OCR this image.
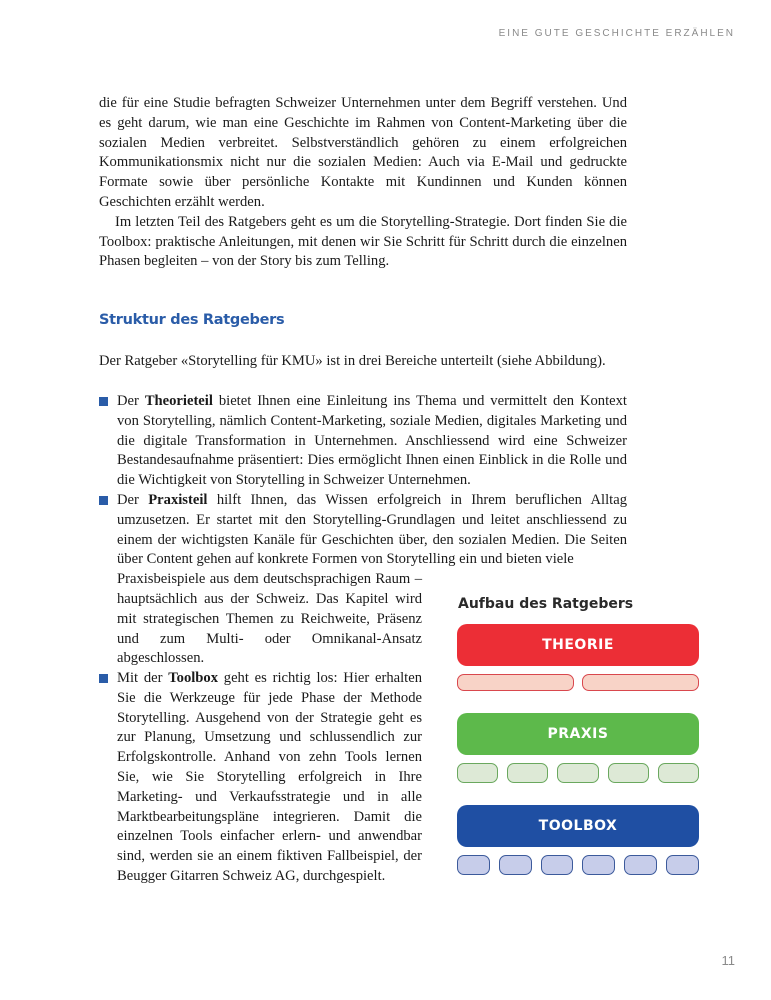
EINE GUTE GESCHICHTE ERZÄHLEN

die für eine Studie befragten Schweizer Unternehmen unter dem Begriff verstehen. Und es geht darum, wie man eine Geschichte im Rahmen von Content-Marketing über die sozialen Medien verbreitet. Selbstverständlich gehören zu einem erfolgreichen Kommunikationsmix nicht nur die sozialen Medien: Auch via E-Mail und gedruckte Formate sowie über persönliche Kontakte mit Kundinnen und Kunden können Geschichten erzählt werden.

Im letzten Teil des Ratgebers geht es um die Storytelling-Strategie. Dort finden Sie die Toolbox: praktische Anleitungen, mit denen wir Sie Schritt für Schritt durch die einzelnen Phasen begleiten – von der Story bis zum Telling.

Struktur des Ratgebers
Der Ratgeber «Storytelling für KMU» ist in drei Bereiche unterteilt (siehe Abbildung).
Der Theorieteil bietet Ihnen eine Einleitung ins Thema und vermittelt den Kontext von Storytelling, nämlich Content-Marketing, soziale Medien, digitales Marketing und die digitale Transformation in Unternehmen. Anschliessend wird eine Schweizer Bestandesaufnahme präsentiert: Dies ermöglicht Ihnen einen Einblick in die Rolle und die Wichtigkeit von Storytelling in Schweizer Unternehmen.
Der Praxisteil hilft Ihnen, das Wissen erfolgreich in Ihrem beruflichen Alltag umzusetzen. Er startet mit den Storytelling-Grundlagen und leitet anschliessend zu einem der wichtigsten Kanäle für Geschichten über, den sozialen Medien. Die Seiten über Content gehen auf konkrete Formen von Storytelling ein und bieten viele
Praxisbeispiele aus dem deutschsprachigen Raum – hauptsächlich aus der Schweiz. Das Kapitel wird mit strategischen Themen zu Reichweite, Präsenz und zum Multi- oder Omnikanal-Ansatz abgeschlossen.
Mit der Toolbox geht es richtig los: Hier erhalten Sie die Werkzeuge für jede Phase der Methode Storytelling. Ausgehend von der Strategie geht es zur Planung, Umsetzung und schlussendlich zur Erfolgskontrolle. Anhand von zehn Tools lernen Sie, wie Sie Storytelling erfolgreich in Ihre Marketing- und Verkaufsstrategie und in alle Marktbearbeitungspläne integrieren. Damit die einzelnen Tools einfacher erlern- und anwendbar sind, werden sie an einem fiktiven Fallbeispiel, der Beugger Gitarren Schweiz AG, durchgespielt.
Aufbau des Ratgebers
THEORIE
PRAXIS
TOOLBOX
11
